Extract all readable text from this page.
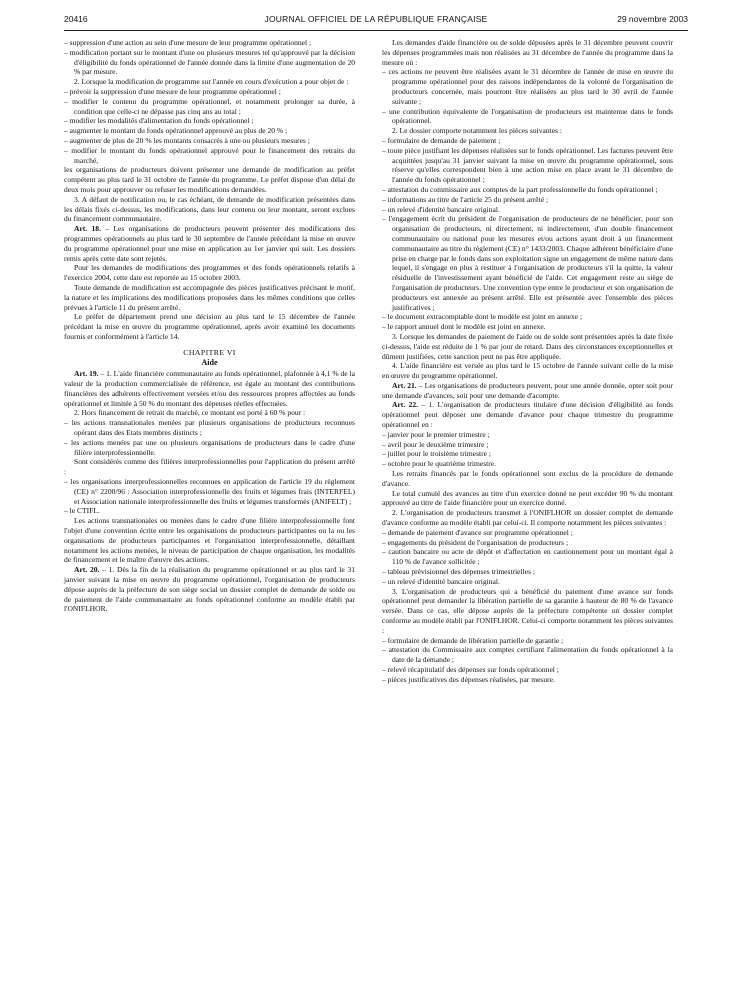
20416	JOURNAL OFFICIEL DE LA RÉPUBLIQUE FRANÇAISE	29 novembre 2003

– suppression d'une action au sein d'une mesure de leur programme opérationnel ;

– modification portant sur le montant d'une ou plusieurs mesures tel qu'approuvé par la décision d'éligibilité du fonds opérationnel de l'année donnée dans la limite d'une augmentation de 20 % par mesure.

2. Lorsque la modification de programme sur l'année en cours d'exécution a pour objet de :

– prévoir la suppression d'une mesure de leur programme opérationnel ;

– modifier le contenu du programme opérationnel, et notamment prolonger sa durée, à condition que celle-ci ne dépasse pas cinq ans au total ;

– modifier les modalités d'alimentation du fonds opérationnel ;

– augmenter le montant du fonds opérationnel approuvé au plus de 20 % ;

– augmenter de plus de 20 % les montants consacrés à une ou plusieurs mesures ;

– modifier le montant du fonds opérationnel approuvé pour le financement des retraits du marché,

les organisations de producteurs doivent présenter une demande de modification au préfet compétent au plus tard le 31 octobre de l'année du programme. Le préfet dispose d'un délai de deux mois pour approuver ou refuser les modifications demandées.

3. A défaut de notification ou, le cas échéant, de demande de modification présentées dans les délais fixés ci-dessus, les modifications, dans leur contenu ou leur montant, seront exclues du financement communautaire.

Art. 18. – Les organisations de producteurs peuvent présenter des modifications des programmes opérationnels au plus tard le 30 septembre de l'année précédant la mise en œuvre du programme opérationnel pour une mise en application au 1er janvier qui suit. Les dossiers remis après cette date sont rejetés.

Pour les demandes de modifications des programmes et des fonds opérationnels relatifs à l'exercice 2004, cette date est reportée au 15 octobre 2003.

Toute demande de modification est accompagnée des pièces justificatives précisant le motif, la nature et les implications des modifications proposées dans les mêmes conditions que celles prévues à l'article 11 du présent arrêté.

Le préfet de département prend une décision au plus tard le 15 décembre de l'année précédant la mise en œuvre du programme opérationnel, après avoir examiné les documents fournis et conformément à l'article 14.

CHAPITRE VI

Aide

Art. 19. – 1. L'aide financière communautaire au fonds opérationnel, plafonnée à 4,1 % de la valeur de la production commercialisée de référence, est égale au montant des contributions financières des adhérents effectivement versées et/ou des ressources propres affectées au fonds opérationnel et limitée à 50 % du montant des dépenses réelles effectuées.

2. Hors financement de retrait du marché, ce montant est porté à 60 % pour :

– les actions transnationales menées par plusieurs organisations de producteurs reconnues opérant dans des Etats membres distincts ;

– les actions menées par une ou plusieurs organisations de producteurs dans le cadre d'une filière interprofessionnelle.

Sont considérés comme des filières interprofessionnelles pour l'application du présent arrêté :

– les organisations interprofessionnelles reconnues en application de l'article 19 du règlement (CE) n° 2200/96 : Association interprofessionnelle des fruits et légumes frais (INTERFEL) et Association nationale interprofessionnelle des fruits et légumes transformés (ANIFELT) ;

– le CTIFL.

Les actions transnationales ou menées dans le cadre d'une filière interprofessionnelle font l'objet d'une convention écrite entre les organisations de producteurs participantes ou la ou les organisations de producteurs participantes et l'organisation interprofessionnelle, détaillant notamment les actions menées, le niveau de participation de chaque organisation, les modalités de financement et le maître d'œuvre des actions.

Art. 20. – 1. Dès la fin de la réalisation du programme opérationnel et au plus tard le 31 janvier suivant la mise en œuvre du programme opérationnel, l'organisation de producteurs dépose auprès de la préfecture de son siège social un dossier complet de demande de solde ou de paiement de l'aide communautaire au fonds opérationnel conforme au modèle établi par l'ONIFLHOR.

Les demandes d'aide financière ou de solde déposées après le 31 décembre peuvent couvrir les dépenses programmées mais non réalisées au 31 décembre de l'année du programme dans la mesure où :

– ces actions ne peuvent être réalisées avant le 31 décembre de l'année de mise en œuvre du programme opérationnel pour des raisons indépendantes de la volonté de l'organisation de producteurs concernée, mais pourront être réalisées au plus tard le 30 avril de l'année suivante ;

– une contribution équivalente de l'organisation de producteurs est maintenue dans le fonds opérationnel.

2. Le dossier comporte notamment les pièces suivantes :

– formulaire de demande de paiement ;

– toute pièce justifiant les dépenses réalisées sur le fonds opérationnel. Les factures peuvent être acquittées jusqu'au 31 janvier suivant la mise en œuvre du programme opérationnel, sous réserve qu'elles correspondent bien à une action mise en place avant le 31 décembre de l'année du fonds opérationnel ;

– attestation du commissaire aux comptes de la part professionnelle du fonds opérationnel ;

– informations au titre de l'article 25 du présent arrêté ;

– un relevé d'identité bancaire original.

– l'engagement écrit du président de l'organisation de producteurs de ne bénéficier, pour son organisation de producteurs, ni directement, ni indirectement, d'un double financement communautaire ou national pour les mesures et/ou actions ayant droit à un financement communautaire au titre du règlement (CE) n° 1433/2003. Chaque adhérent bénéficiaire d'une prise en charge par le fonds dans son exploitation signe un engagement de même nature dans lequel, il s'engage en plus à restituer à l'organisation de producteurs s'il la quitte, la valeur résiduelle de l'investissement ayant bénéficié de l'aide. Cet engagement reste au siège de l'organisation de producteurs. Une convention type entre le producteur et son organisation de producteurs est annexée au présent arrêté. Elle est présentée avec l'ensemble des pièces justificatives ;

– le document extracomptable dont le modèle est joint en annexe ;

– le rapport annuel dont le modèle est joint en annexe.

3. Lorsque les demandes de paiement de l'aide ou de solde sont présentées après la date fixée ci-dessus, l'aide est réduite de 1 % par jour de retard. Dans des circonstances exceptionnelles et dûment justifiées, cette sanction peut ne pas être appliquée.

4. L'aide financière est versée au plus tard le 15 octobre de l'année suivant celle de la mise en œuvre du programme opérationnel.

Art. 21. – Les organisations de producteurs peuvent, pour une année donnée, opter soit pour une demande d'avances, soit pour une demande d'acompte.

Art. 22. – 1. L'organisation de producteurs titulaire d'une décision d'éligibilité au fonds opérationnel peut déposer une demande d'avance pour chaque trimestre du programme opérationnel en :

– janvier pour le premier trimestre ;

– avril pour le deuxième trimestre ;

– juillet pour le troisième trimestre ;

– octobre pour le quatrième trimestre.

Les retraits financés par le fonds opérationnel sont exclus de la procédure de demande d'avance.

Le total cumulé des avances au titre d'un exercice donné ne peut excéder 90 % du montant approuvé au titre de l'aide financière pour un exercice donné.

2. L'organisation de producteurs transmet à l'ONIFLHOR un dossier complet de demande d'avance conforme au modèle établi par celui-ci. Il comporte notamment les pièces suivantes :

– demande de paiement d'avance sur programme opérationnel ;

– engagements du président de l'organisation de producteurs ;

– caution bancaire ou acte de dépôt et d'affectation en cautionnement pour un montant égal à 110 % de l'avance sollicitée ;

– tableau prévisionnel des dépenses trimestrielles ;

– un relevé d'identité bancaire original.

3. L'organisation de producteurs qui a bénéficié du paiement d'une avance sur fonds opérationnel peut demander la libération partielle de sa garantie à hauteur de 80 % de l'avance versée. Dans ce cas, elle dépose auprès de la préfecture compétente un dossier complet conforme au modèle établi par l'ONIFLHOR. Celui-ci comporte notamment les pièces suivantes :

– formulaire de demande de libération partielle de garantie ;

– attestation du Commissaire aux comptes certifiant l'alimentation du fonds opérationnel à la date de la demande ;

– relevé récapitulatif des dépenses sur fonds opérationnel ;

– pièces justificatives des dépenses réalisées, par mesure.
